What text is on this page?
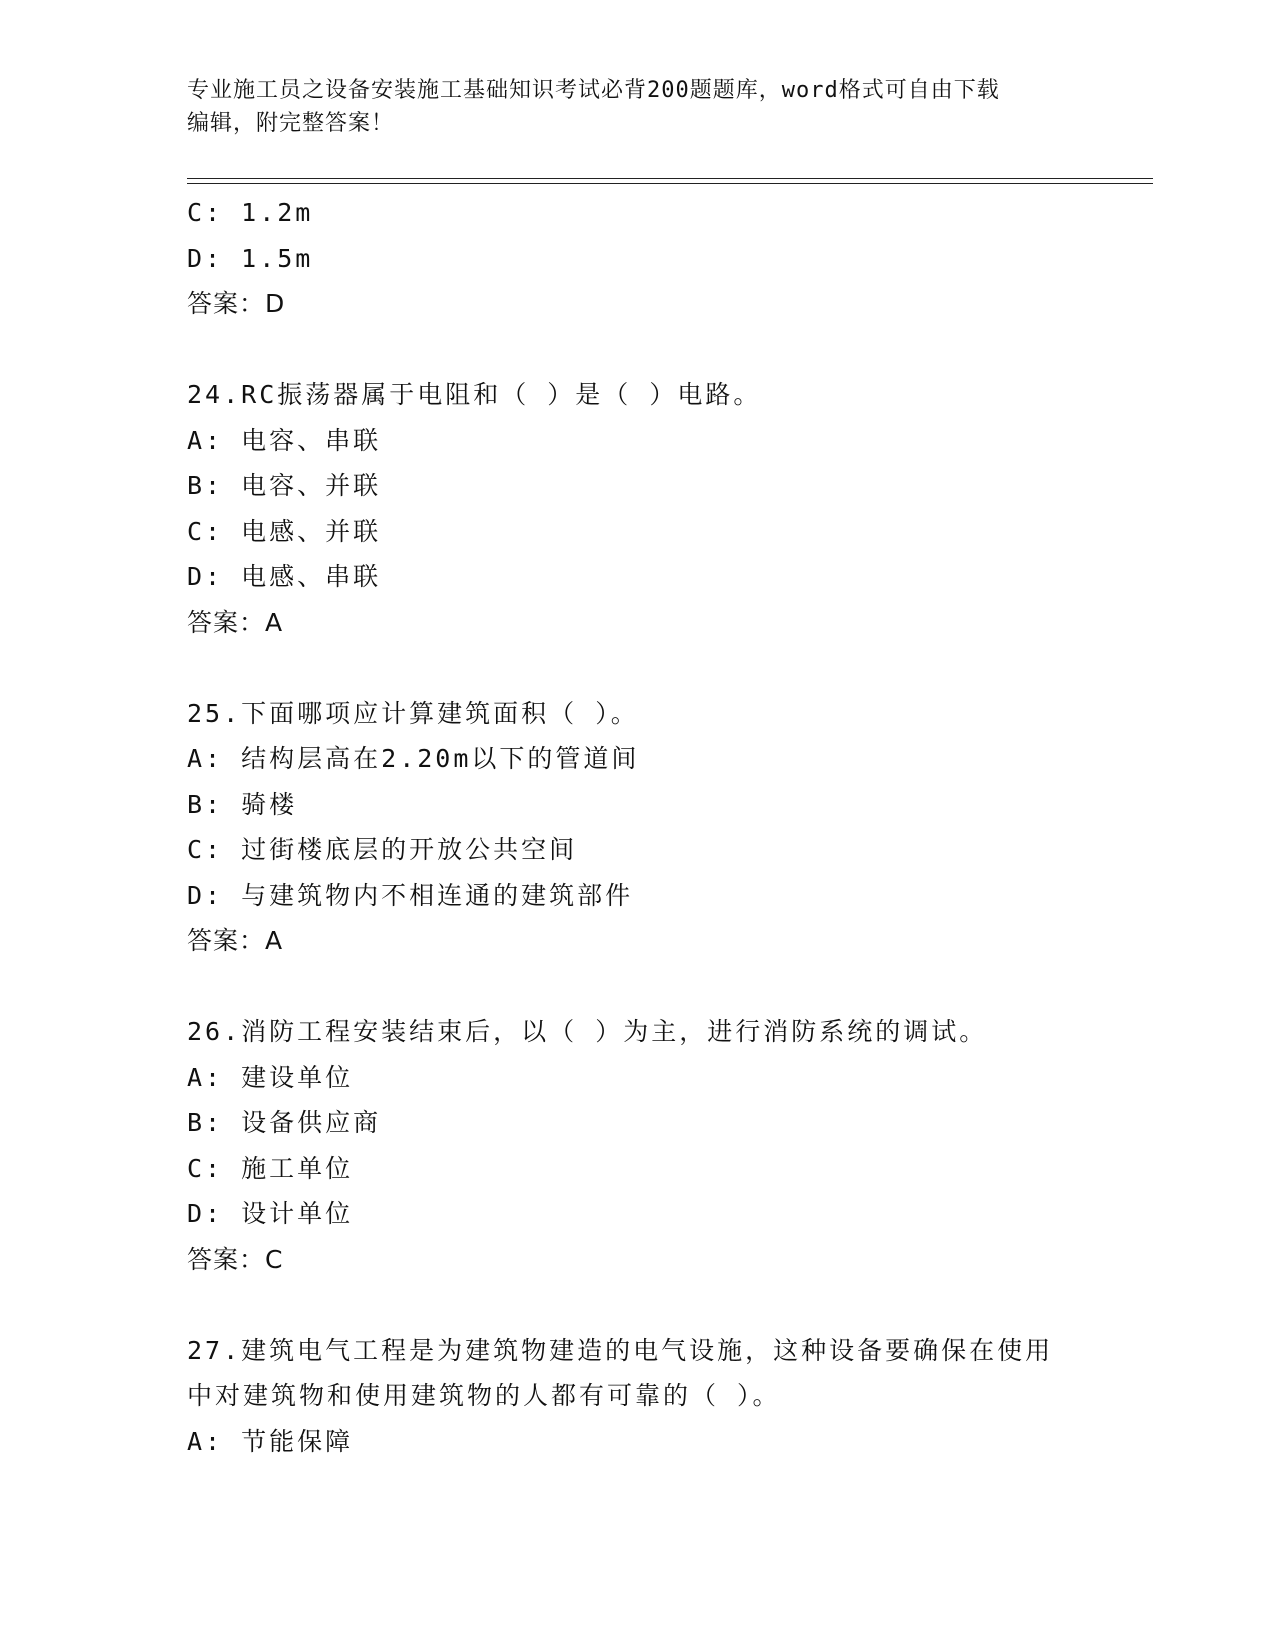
专业施工员之设备安装施工基础知识考试必背200题题库，word格式可自由下载
编辑，附完整答案！
C: 1.2m
D: 1.5m
答案：D
24.RC振荡器属于电阻和（ ）是（ ）电路。
A: 电容、串联
B: 电容、并联
C: 电感、并联
D: 电感、串联
答案：A
25.下面哪项应计算建筑面积（ ）。
A: 结构层高在2.20m以下的管道间
B: 骑楼
C: 过街楼底层的开放公共空间
D: 与建筑物内不相连通的建筑部件
答案：A
26.消防工程安装结束后，以（ ）为主，进行消防系统的调试。
A: 建设单位
B: 设备供应商
C: 施工单位
D: 设计单位
答案：C
27.建筑电气工程是为建筑物建造的电气设施，这种设备要确保在使用
中对建筑物和使用建筑物的人都有可靠的（ ）。
A: 节能保障
